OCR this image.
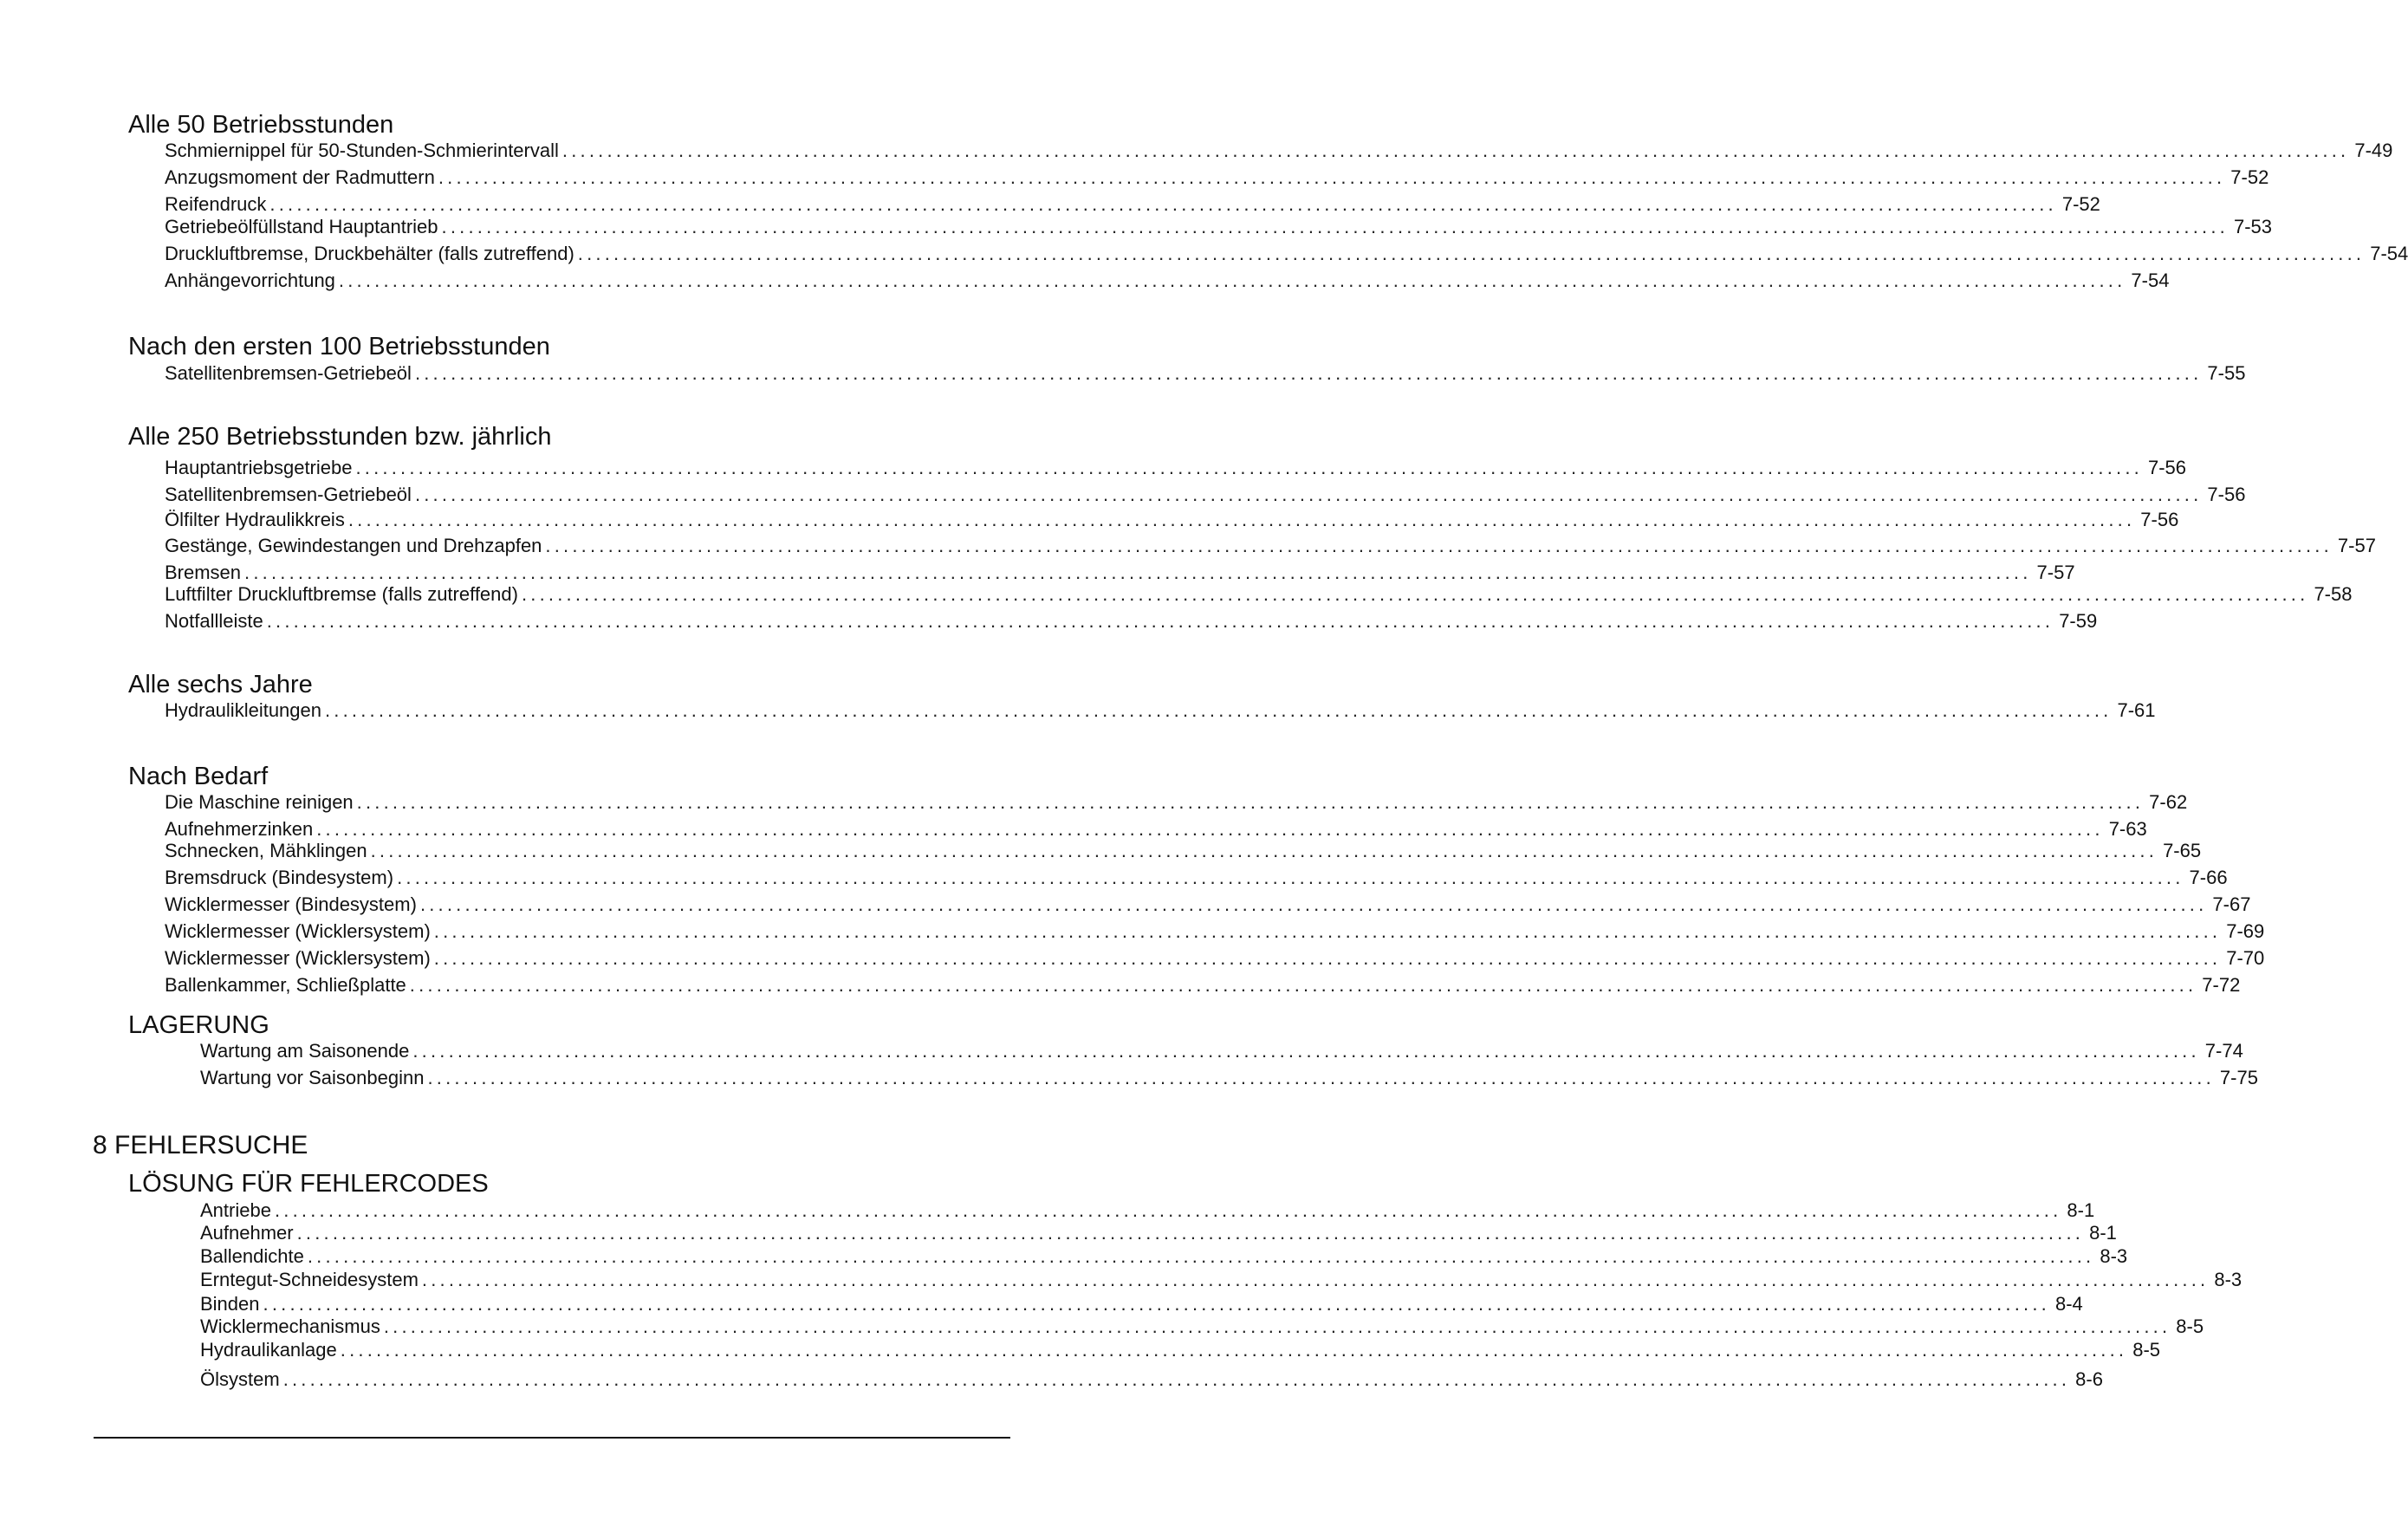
Alle 50 Betriebsstunden
Schmiernippel für 50-Stunden-Schmierintervall ........................................................................................................................................................................................................ 7-49
Anzugsmoment der Radmuttern ........................................................................................................................................................................................................ 7-52
Reifendruck ........................................................................................................................................................................................................ 7-52
Getriebeölfüllstand Hauptantrieb ........................................................................................................................................................................................................ 7-53
Druckluftbremse, Druckbehälter (falls zutreffend) ........................................................................................................................................................................................................ 7-54
Anhängevorrichtung ........................................................................................................................................................................................................ 7-54
Nach den ersten 100 Betriebsstunden
Satellitenbremsen-Getriebeöl ........................................................................................................................................................................................................ 7-55
Alle 250 Betriebsstunden bzw. jährlich
Hauptantriebsgetriebe ........................................................................................................................................................................................................ 7-56
Satellitenbremsen-Getriebeöl ........................................................................................................................................................................................................ 7-56
Ölfilter Hydraulikkreis ........................................................................................................................................................................................................ 7-56
Gestänge, Gewindestangen und Drehzapfen ........................................................................................................................................................................................................ 7-57
Bremsen ........................................................................................................................................................................................................ 7-57
Luftfilter Druckluftbremse (falls zutreffend) ........................................................................................................................................................................................................ 7-58
Notfallleiste ........................................................................................................................................................................................................ 7-59
Alle sechs Jahre
Hydraulikleitungen ........................................................................................................................................................................................................ 7-61
Nach Bedarf
Die Maschine reinigen ........................................................................................................................................................................................................ 7-62
Aufnehmerzinken ........................................................................................................................................................................................................ 7-63
Schnecken, Mähklingen ........................................................................................................................................................................................................ 7-65
Bremsdruck (Bindesystem) ........................................................................................................................................................................................................ 7-66
Wicklermesser (Bindesystem) ........................................................................................................................................................................................................ 7-67
Wicklermesser (Wicklersystem) ........................................................................................................................................................................................................ 7-69
Wicklermesser (Wicklersystem) ........................................................................................................................................................................................................ 7-70
Ballenkammer, Schließplatte ........................................................................................................................................................................................................ 7-72
LAGERUNG
Wartung am Saisonende ........................................................................................................................................................................................................ 7-74
Wartung vor Saisonbeginn ........................................................................................................................................................................................................ 7-75
8 FEHLERSUCHE
LÖSUNG FÜR FEHLERCODES
Antriebe ........................................................................................................................................................................................................ 8-1
Aufnehmer ........................................................................................................................................................................................................ 8-1
Ballendichte ........................................................................................................................................................................................................ 8-3
Erntegut-Schneidesystem ........................................................................................................................................................................................................ 8-3
Binden ........................................................................................................................................................................................................ 8-4
Wicklermechanismus ........................................................................................................................................................................................................ 8-5
Hydraulikanlage ........................................................................................................................................................................................................ 8-5
Ölsystem ........................................................................................................................................................................................................ 8-6
